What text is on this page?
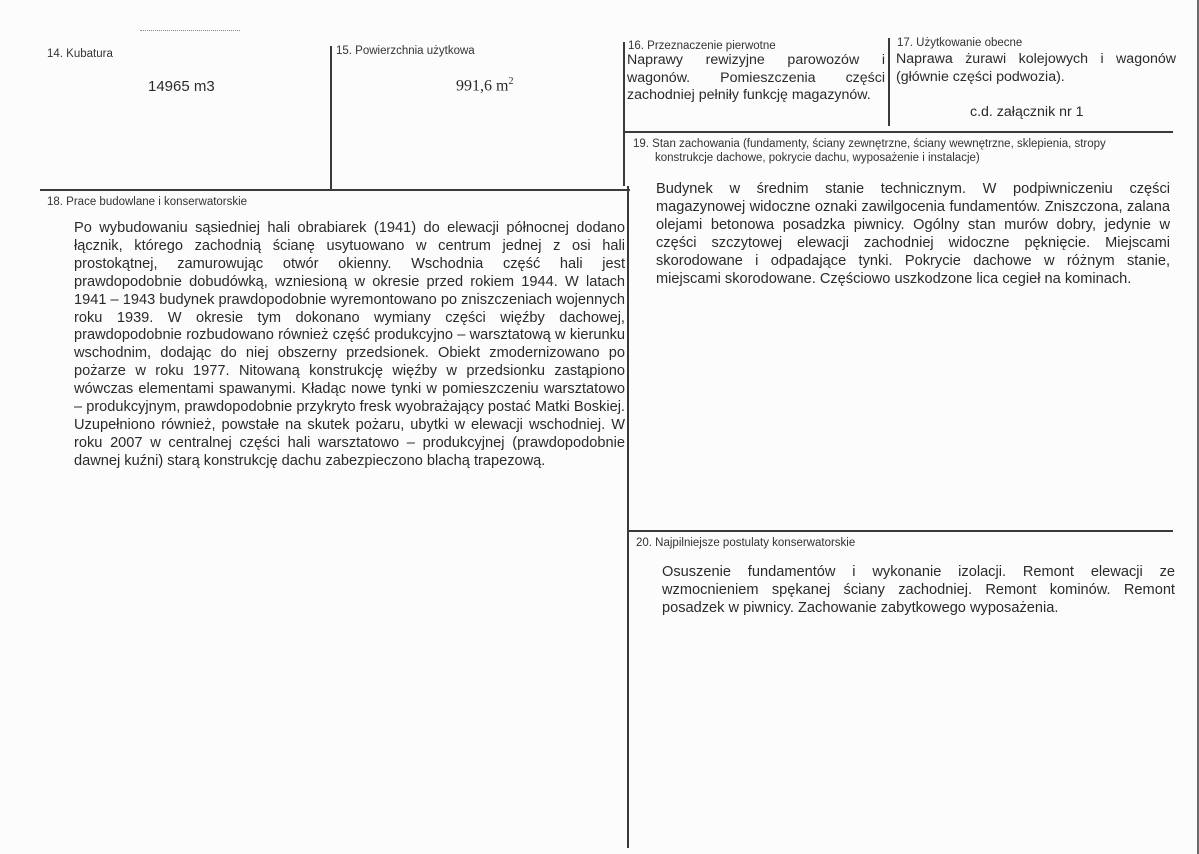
14. Kubatura
14965 m3
15. Powierzchnia użytkowa
991,6 $m^2$
16. Przeznaczenie pierwotne
Naprawy rewizyjne parowozów i wagonów. Pomieszczenia części zachodniej pełniły funkcję magazynów.
17. Użytkowanie obecne
Naprawa żurawi kolejowych i wagonów (głównie części podwozia).
c.d. załącznik nr 1
19. Stan zachowania (fundamenty, ściany zewnętrzne, ściany wewnętrzne, sklepienia, stropy
konstrukcje dachowe, pokrycie dachu, wyposażenie i instalacje)
Budynek w średnim stanie technicznym. W podpiwniczeniu części magazynowej widoczne oznaki zawilgocenia fundamentów. Zniszczona, zalana olejami betonowa posadzka piwnicy. Ogólny stan murów dobry, jedynie w części szczytowej elewacji zachodniej widoczne pęknięcie. Miejscami skorodowane i odpadające tynki. Pokrycie dachowe w różnym stanie, miejscami skorodowane. Częściowo uszkodzone lica cegieł na kominach.
18. Prace budowlane i konserwatorskie
Po wybudowaniu sąsiedniej hali obrabiarek (1941) do elewacji północnej dodano łącznik, którego zachodnią ścianę usytuowano w centrum jednej z osi hali prostokątnej, zamurowując otwór okienny. Wschodnia część hali jest prawdopodobnie dobudówką, wzniesioną w okresie przed rokiem 1944. W latach 1941 – 1943 budynek prawdopodobnie wyremontowano po zniszczeniach wojennych roku 1939. W okresie tym dokonano wymiany części więźby dachowej, prawdopodobnie rozbudowano również część produkcyjno – warsztatową w kierunku wschodnim, dodając do niej obszerny przedsionek. Obiekt zmodernizowano po pożarze w roku 1977. Nitowaną konstrukcję więźby w przedsionku zastąpiono wówczas elementami spawanymi. Kładąc nowe tynki w pomieszczeniu warsztatowo – produkcyjnym, prawdopodobnie przykryto fresk wyobrażający postać Matki Boskiej. Uzupełniono również, powstałe na skutek pożaru, ubytki w elewacji wschodniej. W roku 2007 w centralnej części hali warsztatowo – produkcyjnej (prawdopodobnie dawnej kuźni) starą konstrukcję dachu zabezpieczono blachą trapezową.
20. Najpilniejsze postulaty konserwatorskie
Osuszenie fundamentów i wykonanie izolacji. Remont elewacji ze wzmocnieniem spękanej ściany zachodniej. Remont kominów. Remont posadzek w piwnicy. Zachowanie zabytkowego wyposażenia.
